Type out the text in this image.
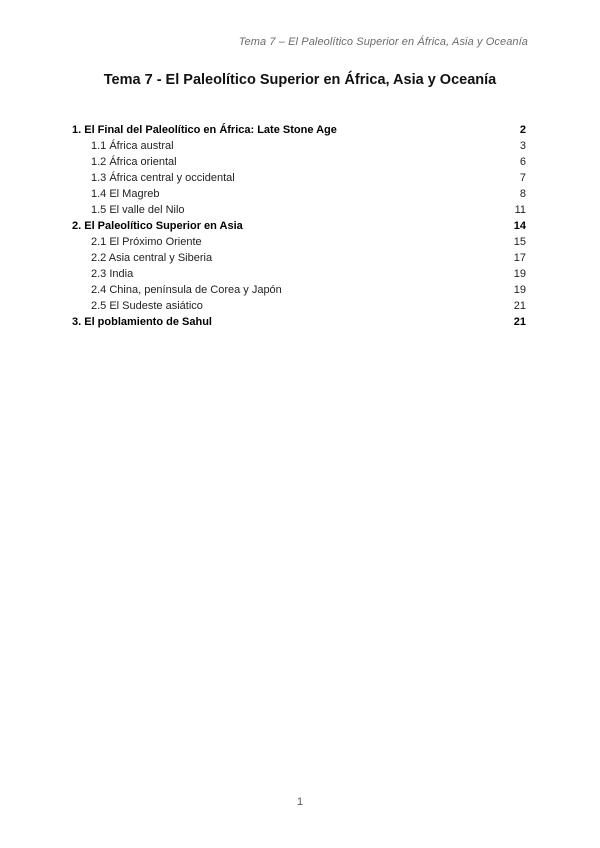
Tema 7 – El Paleolítico Superior en África, Asia y Oceanía
Tema 7 - El Paleolítico Superior en África, Asia y Oceanía
1. El Final del Paleolítico en África: Late Stone Age	2
1.1 África austral	3
1.2 África oriental	6
1.3 África central y occidental	7
1.4 El Magreb	8
1.5 El valle del Nilo	11
2. El Paleolítico Superior en Asia	14
2.1 El Próximo Oriente	15
2.2 Asia central y Siberia	17
2.3 India	19
2.4 China, península de Corea y Japón	19
2.5 El Sudeste asiático	21
3. El poblamiento de Sahul	21
1
